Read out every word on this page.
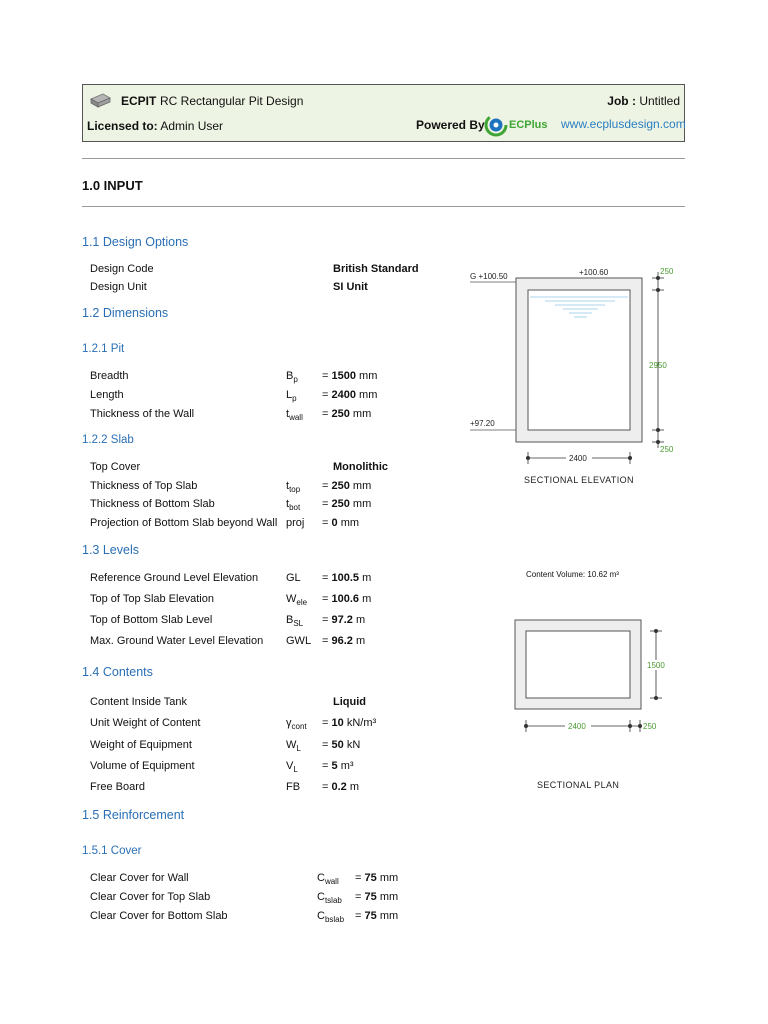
ECPIT RC Rectangular Pit Design	Job : Untitled
Licensed to: Admin User	Powered By: ECPlus www.ecplusdesign.com
1.0 INPUT
1.1 Design Options
Design Code	British Standard
Design Unit	SI Unit
1.2 Dimensions
1.2.1 Pit
Breadth	$B_p = 1500$ mm
Length	$L_p = 2400$ mm
Thickness of the Wall	$t_{wall} = 250$ mm
1.2.2 Slab
Top Cover	Monolithic
Thickness of Top Slab	$t_{top} = 250$ mm
Thickness of Bottom Slab	$t_{bot} = 250$ mm
Projection of Bottom Slab beyond Wall proj = 0 mm
1.3 Levels
Reference Ground Level Elevation	GL = 100.5 m
Top of Top Slab Elevation	$W_{ele} = 100.6$ m
Top of Bottom Slab Level	$B_{SL} = 97.2$ m
Max. Ground Water Level Elevation GWL = 96.2 m
1.4 Contents
Content Inside Tank	Liquid
Unit Weight of Content	$\gamma_{cont} = 10$ kN/m³
Weight of Equipment	$W_L = 50$ kN
Volume of Equipment	$V_L = 5$ m³
Free Board	FB = 0.2 m
1.5 Reinforcement
1.5.1 Cover
Clear Cover for Wall	$C_{wall} = 75$ mm
Clear Cover for Top Slab	$C_{tslab} = 75$ mm
Clear Cover for Bottom Slab	$C_{bslab} = 75$ mm
G +100.50	+100.60
+97.20
250
2950
250
2400
SECTIONAL ELEVATION
Content Volume: 10.62 m³
1500
2400	250
SECTIONAL PLAN
